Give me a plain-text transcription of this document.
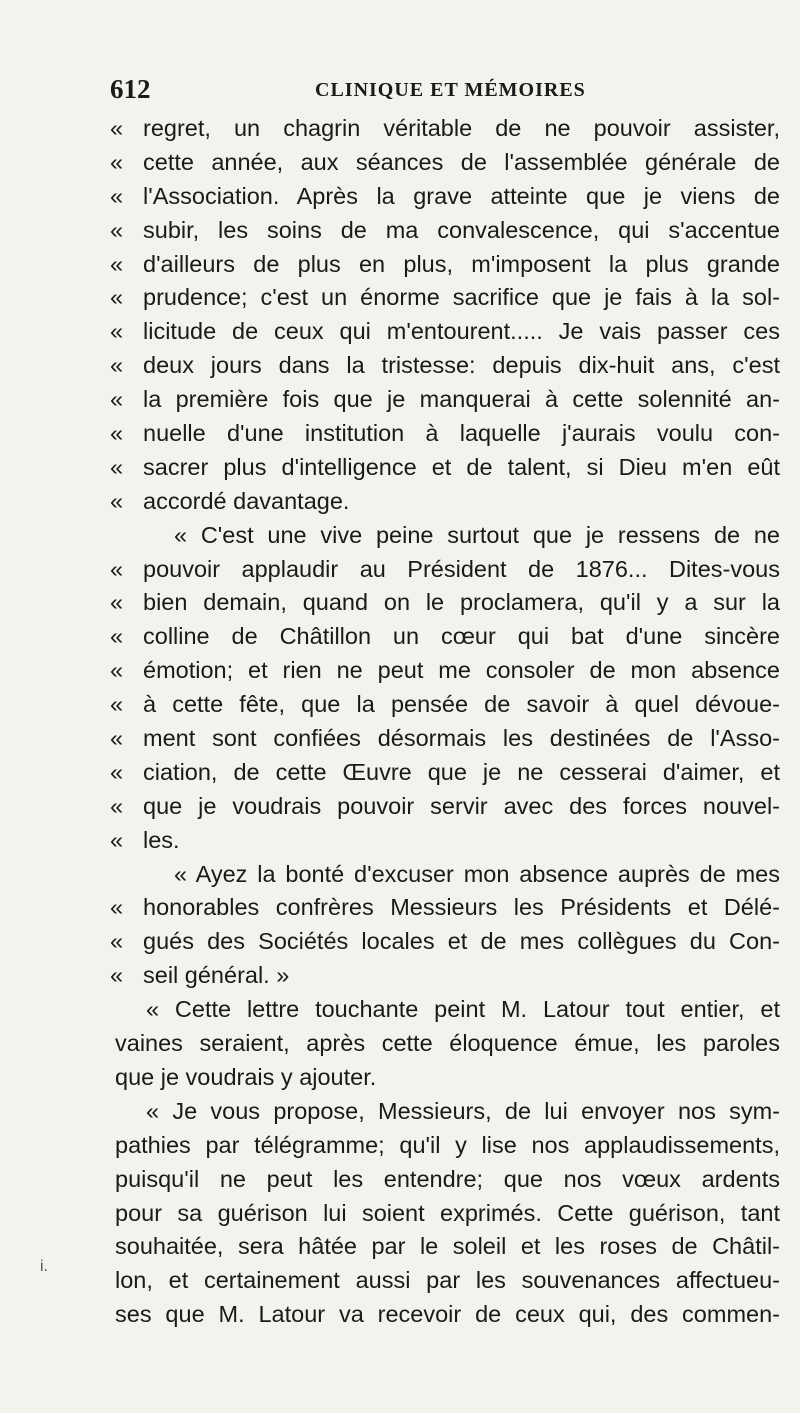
612	CLINIQUE ET MÉMOIRES
« regret, un chagrin véritable de ne pouvoir assister,
« cette année, aux séances de l'assemblée générale de
« l'Association. Après la grave atteinte que je viens de
« subir, les soins de ma convalescence, qui s'accentue
« d'ailleurs de plus en plus, m'imposent la plus grande
« prudence; c'est un énorme sacrifice que je fais à la sol-
« licitude de ceux qui m'entourent..... Je vais passer ces
« deux jours dans la tristesse: depuis dix-huit ans, c'est
« la première fois que je manquerai à cette solennité an-
« nuelle d'une institution à laquelle j'aurais voulu con-
« sacrer plus d'intelligence et de talent, si Dieu m'en eût
« accordé davantage.
« C'est une vive peine surtout que je ressens de ne
« pouvoir applaudir au Président de 1876... Dites-vous
« bien demain, quand on le proclamera, qu'il y a sur la
« colline de Châtillon un cœur qui bat d'une sincère
« émotion; et rien ne peut me consoler de mon absence
« à cette fête, que la pensée de savoir à quel dévoue-
« ment sont confiées désormais les destinées de l'Asso-
« ciation, de cette Œuvre que je ne cesserai d'aimer, et
« que je voudrais pouvoir servir avec des forces nouvel-
« les.
« Ayez la bonté d'excuser mon absence auprès de mes
« honorables confrères Messieurs les Présidents et Délé-
« gués des Sociétés locales et de mes collègues du Con-
« seil général. »
« Cette lettre touchante peint M. Latour tout entier, et
vaines seraient, après cette éloquence émue, les paroles
que je voudrais y ajouter.
« Je vous propose, Messieurs, de lui envoyer nos sym-
pathies par télégramme; qu'il y lise nos applaudissements,
puisqu'il ne peut les entendre; que nos vœux ardents
pour sa guérison lui soient exprimés. Cette guérison, tant
souhaitée, sera hâtée par le soleil et les roses de Châtil-
lon, et certainement aussi par les souvenances affectueu-
ses que M. Latour va recevoir de ceux qui, des commen-
i.
